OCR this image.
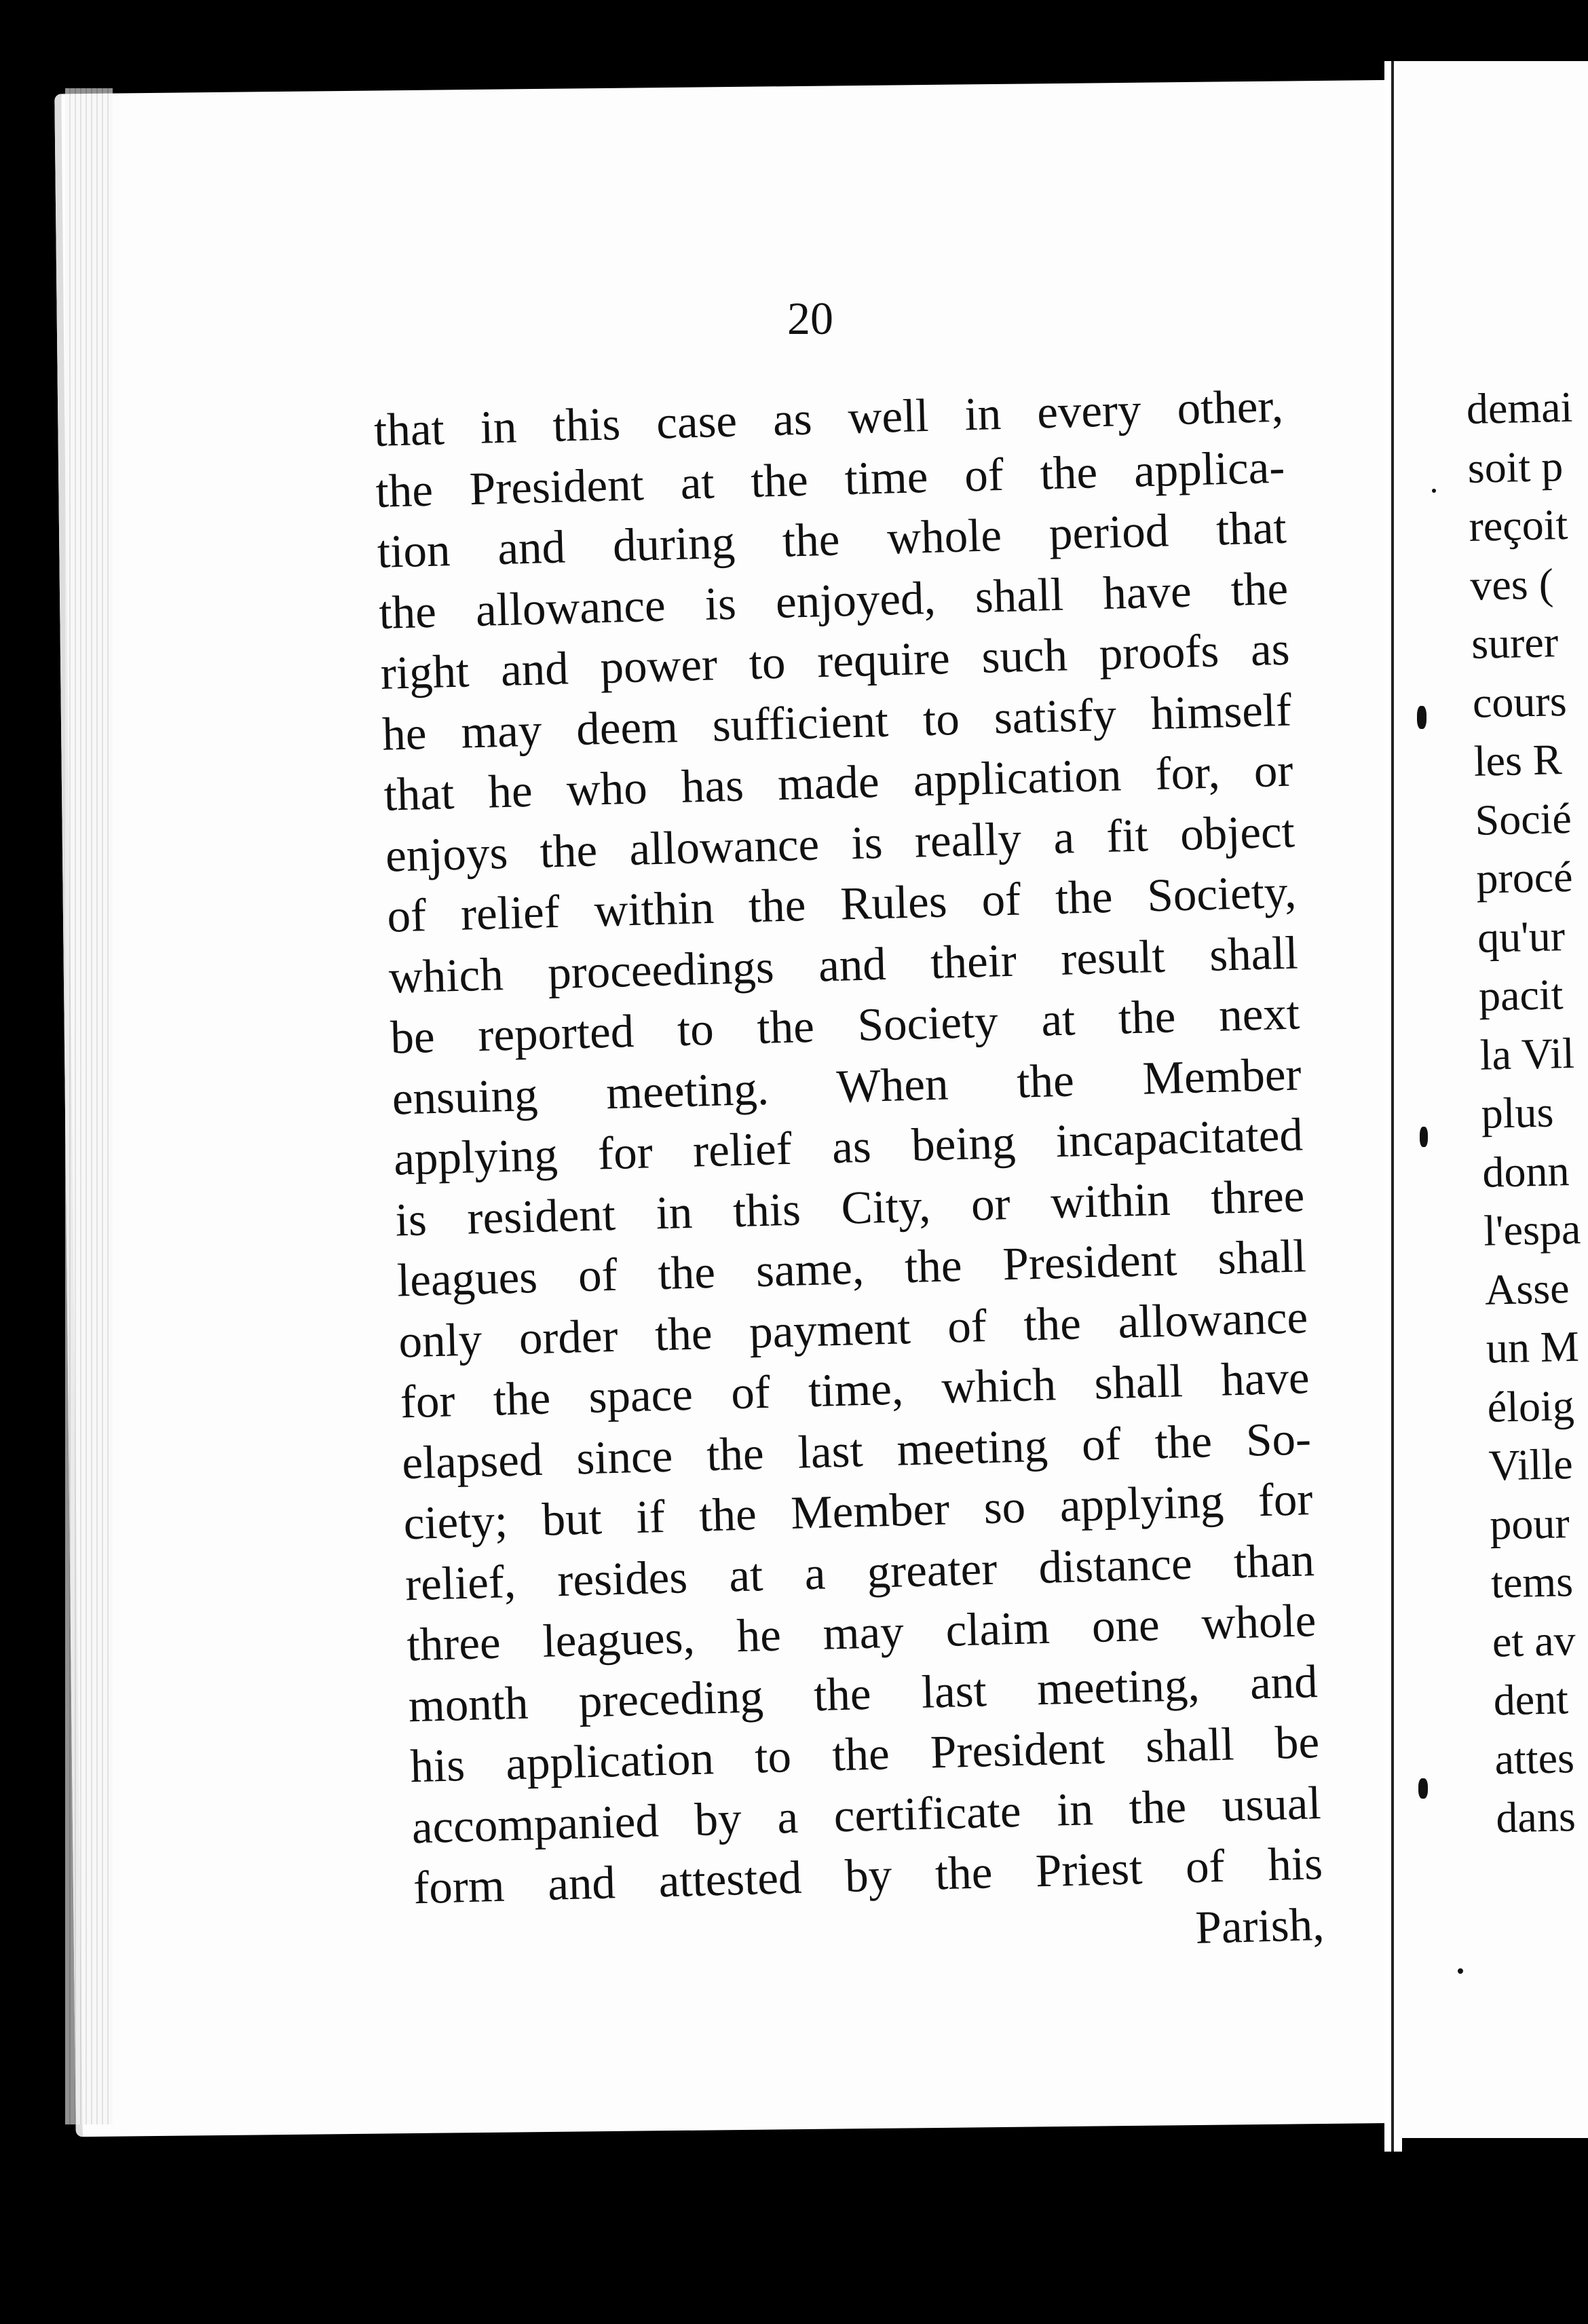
20
that in this case as well in every other,
the President at the time of the applica-
tion and during the whole period that
the allowance is enjoyed, shall have the
right and power to require such proofs as
he may deem sufficient to satisfy himself
that he who has made application for, or
enjoys the allowance is really a fit object
of relief within the Rules of the Society,
which proceedings and their result shall
be reported to the Society at the next
ensuing meeting. When the Member
applying for relief as being incapacitated
is resident in this City, or within three
leagues of the same, the President shall
only order the payment of the allowance
for the space of time, which shall have
elapsed since the last meeting of the So-
ciety; but if the Member so applying for
relief, resides at a greater distance than
three leagues, he may claim one whole
month preceding the last meeting, and
his application to the President shall be
accompanied by a certificate in the usual
form and attested by the Priest of his
Parish,
demai
soit p
reçoit
ves (
surer
cours
les R
Socié
procé
qu'ur
pacit
la Vil
plus
donn
l'espa
Asse
un M
éloig
Ville
pour
tems
et av
dent
attes
dans
